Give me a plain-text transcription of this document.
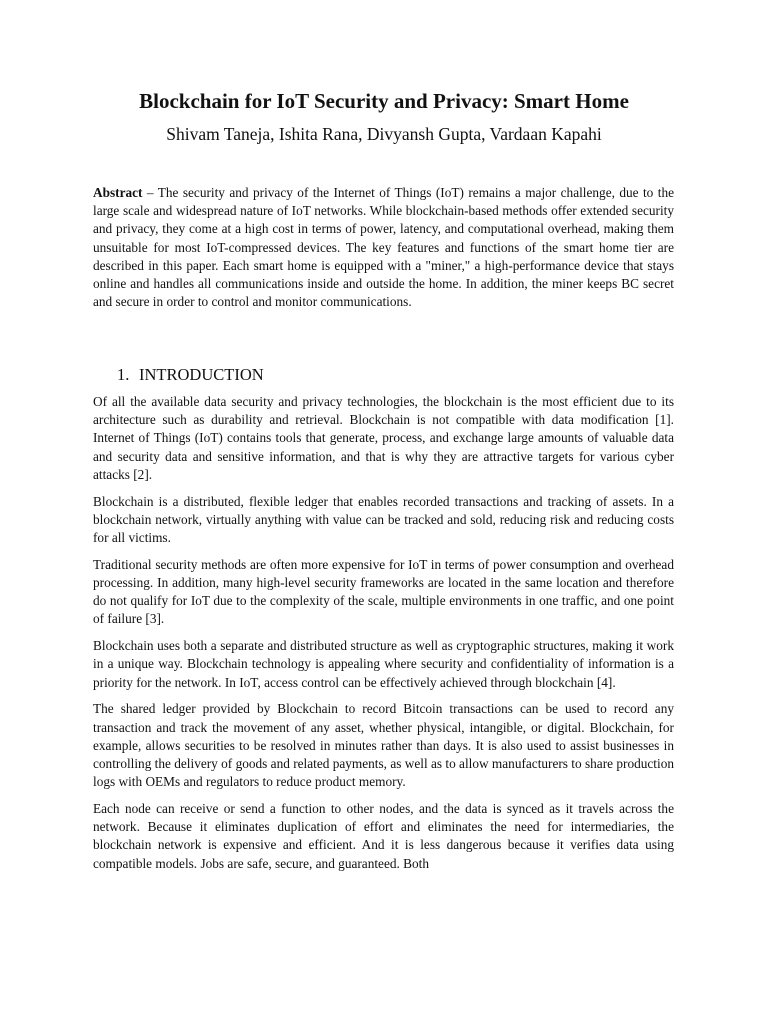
Blockchain for IoT Security and Privacy: Smart Home
Shivam Taneja, Ishita Rana, Divyansh Gupta, Vardaan Kapahi

Abstract – The security and privacy of the Internet of Things (IoT) remains a major challenge, due to the large scale and widespread nature of IoT networks. While blockchain-based methods offer extended security and privacy, they come at a high cost in terms of power, latency, and computational overhead, making them unsuitable for most IoT-compressed devices. The key features and functions of the smart home tier are described in this paper. Each smart home is equipped with a "miner," a high-performance device that stays online and handles all communications inside and outside the home. In addition, the miner keeps BC secret and secure in order to control and monitor communications.

1. INTRODUCTION

Of all the available data security and privacy technologies, the blockchain is the most efficient due to its architecture such as durability and retrieval. Blockchain is not compatible with data modification [1]. Internet of Things (IoT) contains tools that generate, process, and exchange large amounts of valuable data and security data and sensitive information, and that is why they are attractive targets for various cyber attacks [2].

Blockchain is a distributed, flexible ledger that enables recorded transactions and tracking of assets. In a blockchain network, virtually anything with value can be tracked and sold, reducing risk and reducing costs for all victims.

Traditional security methods are often more expensive for IoT in terms of power consumption and overhead processing. In addition, many high-level security frameworks are located in the same location and therefore do not qualify for IoT due to the complexity of the scale, multiple environments in one traffic, and one point of failure [3].

Blockchain uses both a separate and distributed structure as well as cryptographic structures, making it work in a unique way. Blockchain technology is appealing where security and confidentiality of information is a priority for the network. In IoT, access control can be effectively achieved through blockchain [4].

The shared ledger provided by Blockchain to record Bitcoin transactions can be used to record any transaction and track the movement of any asset, whether physical, intangible, or digital. Blockchain, for example, allows securities to be resolved in minutes rather than days. It is also used to assist businesses in controlling the delivery of goods and related payments, as well as to allow manufacturers to share production logs with OEMs and regulators to reduce product memory.

Each node can receive or send a function to other nodes, and the data is synced as it travels across the network. Because it eliminates duplication of effort and eliminates the need for intermediaries, the blockchain network is expensive and efficient. And it is less dangerous because it verifies data using compatible models. Jobs are safe, secure, and guaranteed. Both
